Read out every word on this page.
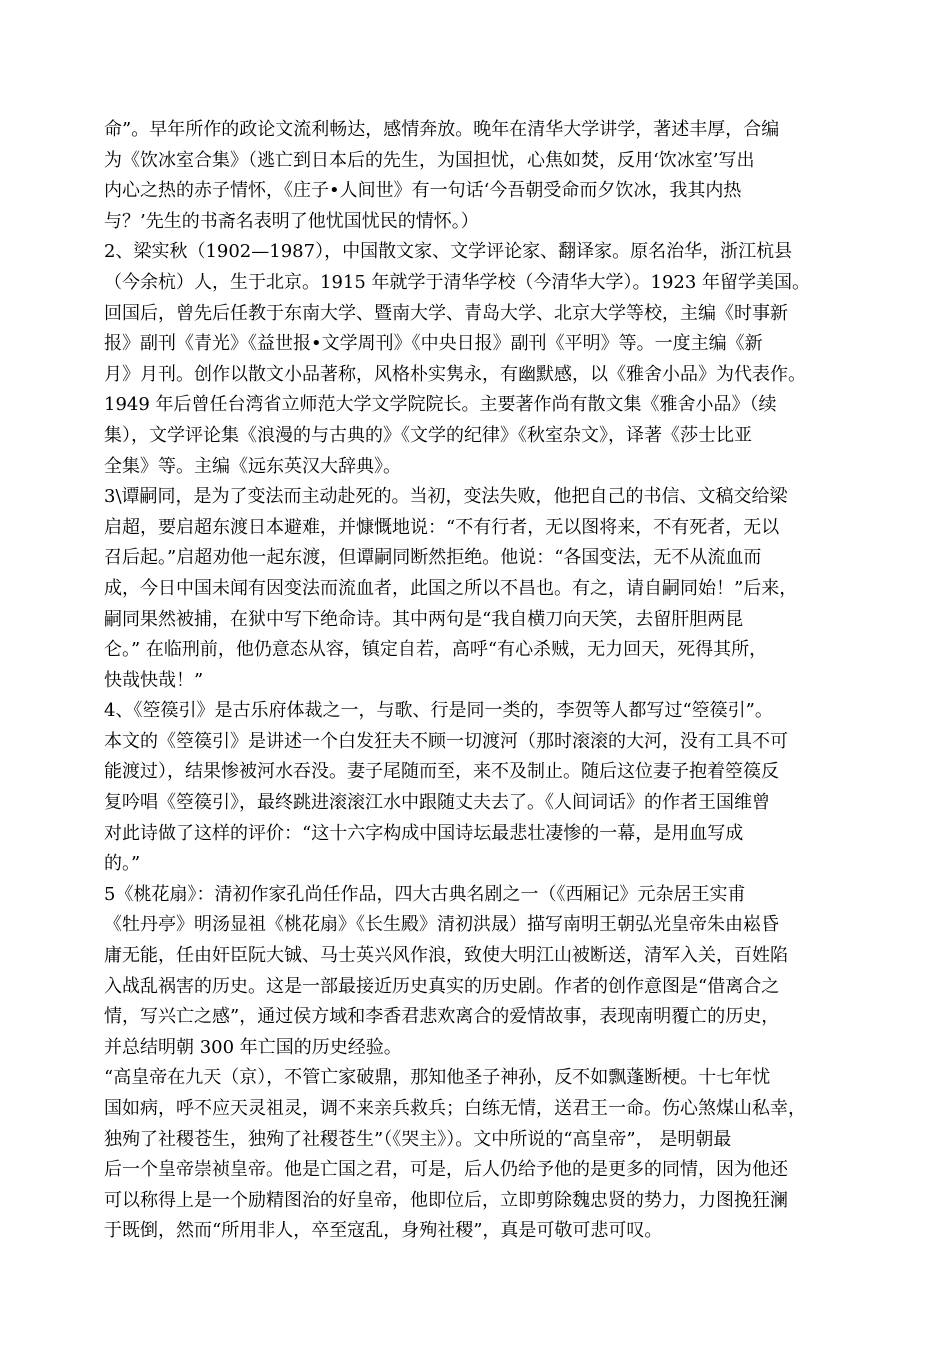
命”。早年所作的政论文流利畅达，感情奔放。晚年在清华大学讲学，著述丰厚，合编
为《饮冰室合集》（逃亡到日本后的先生，为国担忧，心焦如焚，反用‘饮冰室’写出
内心之热的赤子情怀，《庄子•人间世》有一句话‘今吾朝受命而夕饮冰，我其内热
与？’先生的书斋名表明了他忧国忧民的情怀。）
2、梁实秋（1902—1987），中国散文家、文学评论家、翻译家。原名治华，浙江杭县
（今余杭）人，生于北京。1915 年就学于清华学校（今清华大学）。1923 年留学美国。
回国后，曾先后任教于东南大学、暨南大学、青岛大学、北京大学等校，主编《时事新
报》副刊《青光》《益世报•文学周刊》《中央日报》副刊《平明》等。一度主编《新
月》月刊。创作以散文小品著称，风格朴实隽永，有幽默感，以《雅舍小品》为代表作。
1949 年后曾任台湾省立师范大学文学院院长。主要著作尚有散文集《雅舍小品》（续
集），文学评论集《浪漫的与古典的》《文学的纪律》《秋室杂文》，译著《莎士比亚
全集》等。主编《远东英汉大辞典》。
3\谭嗣同，是为了变法而主动赴死的。当初，变法失败，他把自己的书信、文稿交给梁
启超，要启超东渡日本避难，并慷慨地说：“不有行者，无以图将来，不有死者，无以
召后起。”启超劝他一起东渡，但谭嗣同断然拒绝。他说：“各国变法，无不从流血而
成，今日中国未闻有因变法而流血者，此国之所以不昌也。有之，请自嗣同始！”后来，
嗣同果然被捕，在狱中写下绝命诗。其中两句是“我自横刀向天笑，去留肝胆两昆
仑。” 在临刑前，他仍意态从容，镇定自若，高呼“有心杀贼，无力回天，死得其所，
快哉快哉！”
4、《箜篌引》是古乐府体裁之一，与歌、行是同一类的，李贺等人都写过“箜篌引”。
本文的《箜篌引》是讲述一个白发狂夫不顾一切渡河（那时滚滚的大河，没有工具不可
能渡过），结果惨被河水吞没。妻子尾随而至，来不及制止。随后这位妻子抱着箜篌反
复吟唱《箜篌引》，最终跳进滚滚江水中跟随丈夫去了。《人间词话》的作者王国维曾
对此诗做了这样的评价：“这十六字构成中国诗坛最悲壮凄惨的一幕，是用血写成
的。”
5《桃花扇》：清初作家孔尚任作品，四大古典名剧之一（《西厢记》元杂居王实甫
《牡丹亭》明汤显祖《桃花扇》《长生殿》清初洪晟）描写南明王朝弘光皇帝朱由崧昏
庸无能，任由奸臣阮大铖、马士英兴风作浪，致使大明江山被断送，清军入关，百姓陷
入战乱祸害的历史。这是一部最接近历史真实的历史剧。作者的创作意图是“借离合之
情，写兴亡之感”，通过侯方域和李香君悲欢离合的爱情故事，表现南明覆亡的历史，
并总结明朝 300 年亡国的历史经验。
“高皇帝在九天（京），不管亡家破鼎，那知他圣子神孙，反不如飘蓬断梗。十七年忧
国如病，呼不应天灵祖灵，调不来亲兵救兵；白练无情，送君王一命。伤心煞煤山私幸，
独殉了社稷苍生，独殉了社稷苍生”（《哭主》）。文中所说的“高皇帝”， 是明朝最
后一个皇帝崇祯皇帝。他是亡国之君，可是，后人仍给予他的是更多的同情，因为他还
可以称得上是一个励精图治的好皇帝，他即位后，立即剪除魏忠贤的势力，力图挽狂澜
于既倒，然而“所用非人，卒至寇乱，身殉社稷”，真是可敬可悲可叹。
